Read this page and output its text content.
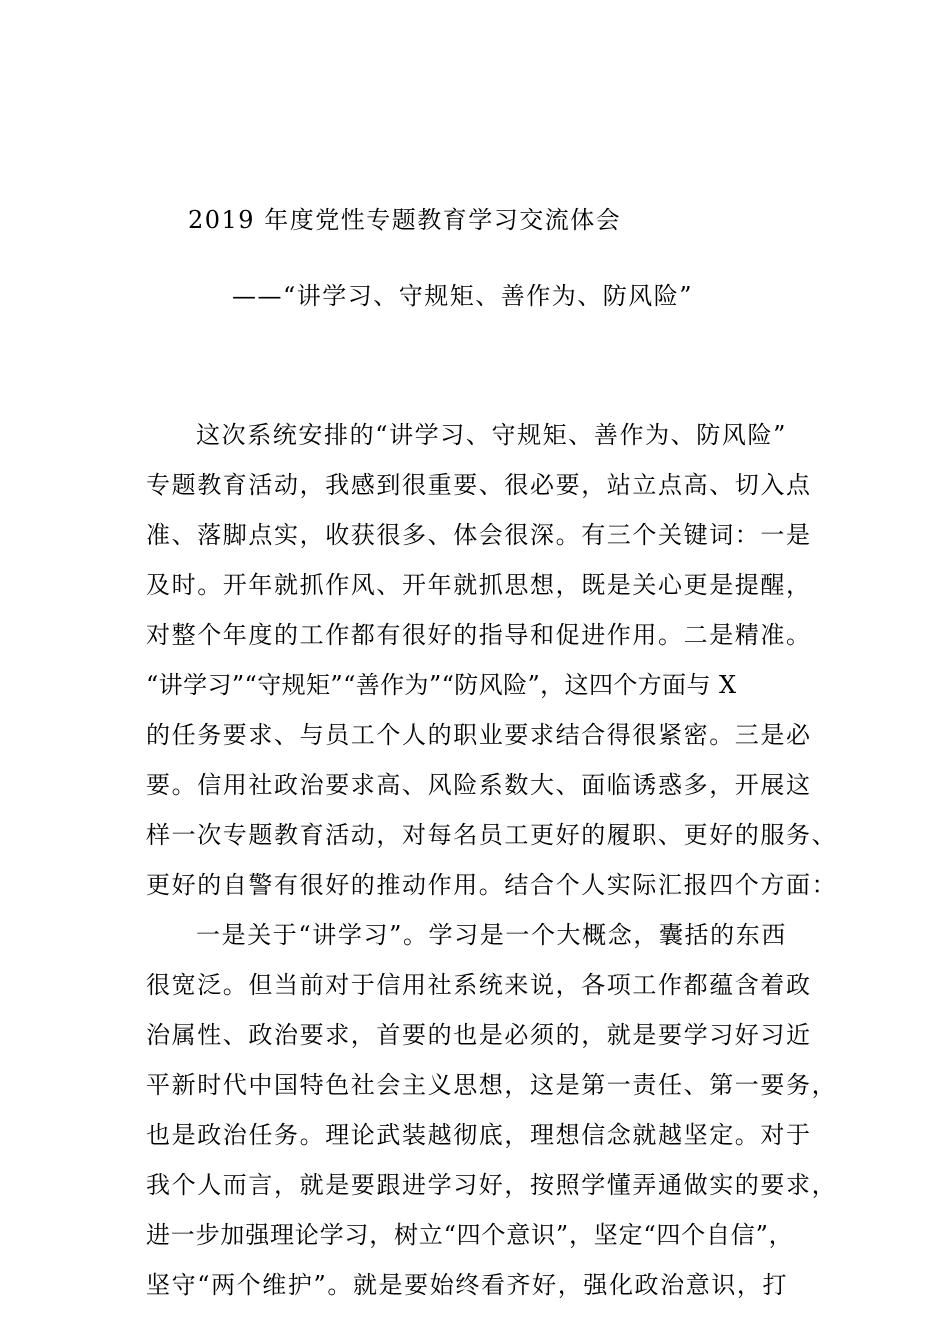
2019 年度党性专题教育学习交流体会
——“讲学习、守规矩、善作为、防风险”
这次系统安排的“讲学习、守规矩、善作为、防风险”
专题教育活动，我感到很重要、很必要，站立点高、切入点
准、落脚点实，收获很多、体会很深。有三个关键词：一是
及时。开年就抓作风、开年就抓思想，既是关心更是提醒，
对整个年度的工作都有很好的指导和促进作用。二是精准。
“讲学习”“守规矩”“善作为”“防风险”，这四个方面与 X
的任务要求、与员工个人的职业要求结合得很紧密。三是必
要。信用社政治要求高、风险系数大、面临诱惑多，开展这
样一次专题教育活动，对每名员工更好的履职、更好的服务、
更好的自警有很好的推动作用。结合个人实际汇报四个方面：
一是关于“讲学习”。学习是一个大概念，囊括的东西
很宽泛。但当前对于信用社系统来说，各项工作都蕴含着政
治属性、政治要求，首要的也是必须的，就是要学习好习近
平新时代中国特色社会主义思想，这是第一责任、第一要务，
也是政治任务。理论武装越彻底，理想信念就越坚定。对于
我个人而言，就是要跟进学习好，按照学懂弄通做实的要求，
进一步加强理论学习，树立“四个意识”，坚定“四个自信”，
坚守“两个维护”。就是要始终看齐好，强化政治意识，打
